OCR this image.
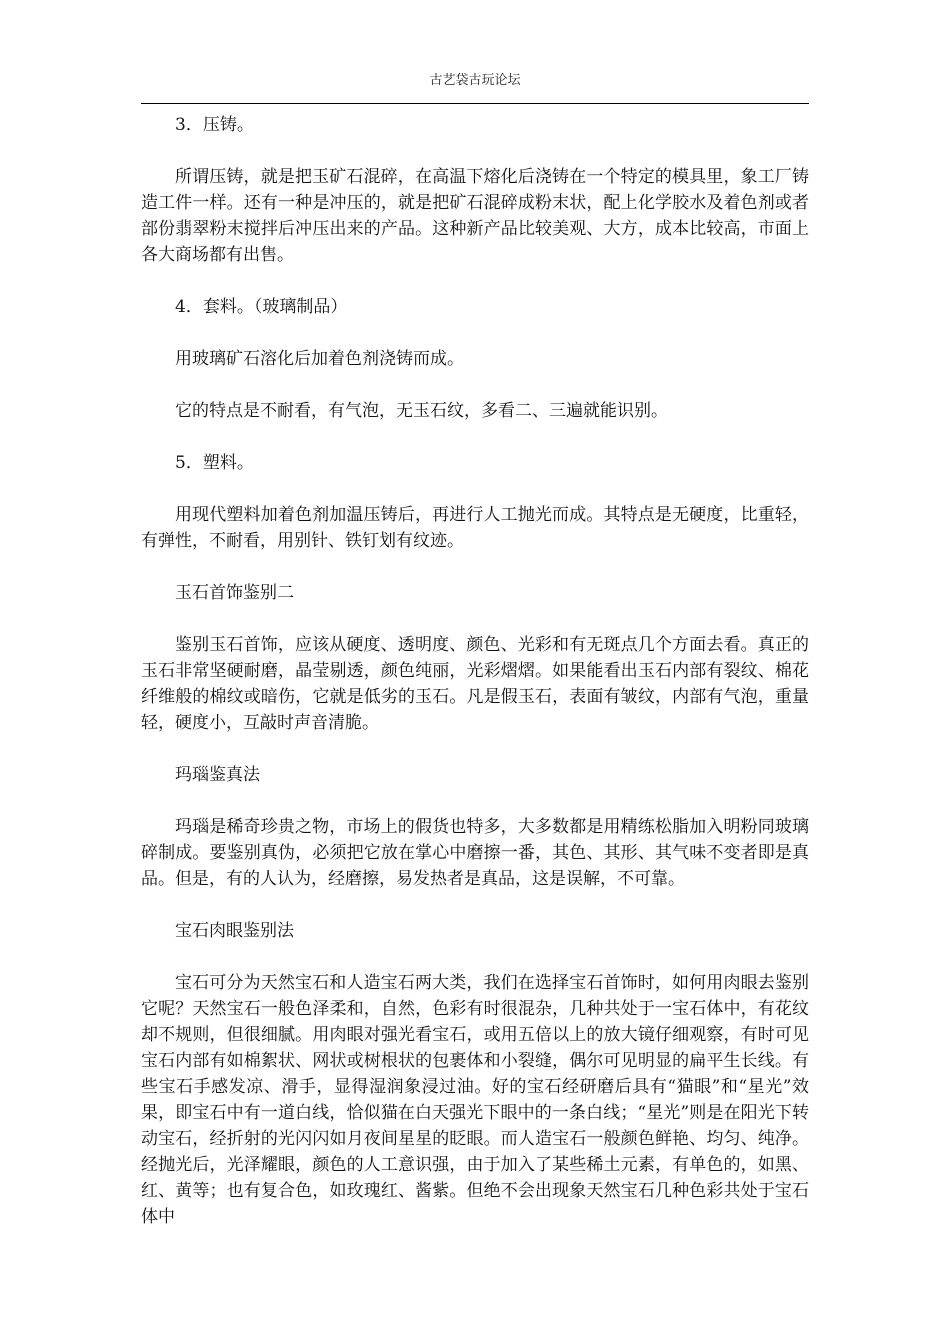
古艺袋古玩论坛

3．压铸。

所谓压铸，就是把玉矿石混碎，在高温下熔化后浇铸在一个特定的模具里，象工厂铸造工件一样。还有一种是冲压的，就是把矿石混碎成粉末状，配上化学胶水及着色剂或者部份翡翠粉末搅拌后冲压出来的产品。这种新产品比较美观、大方，成本比较高，市面上各大商场都有出售。

4．套料。（玻璃制品）

用玻璃矿石溶化后加着色剂浇铸而成。

它的特点是不耐看，有气泡，无玉石纹，多看二、三遍就能识别。

5．塑料。

用现代塑料加着色剂加温压铸后，再进行人工抛光而成。其特点是无硬度，比重轻，有弹性，不耐看，用别针、铁钉划有纹迹。

玉石首饰鉴别二

鉴别玉石首饰，应该从硬度、透明度、颜色、光彩和有无斑点几个方面去看。真正的玉石非常坚硬耐磨，晶莹剔透，颜色纯丽，光彩熠熠。如果能看出玉石内部有裂纹、棉花纤维般的棉纹或暗伤，它就是低劣的玉石。凡是假玉石，表面有皱纹，内部有气泡，重量轻，硬度小，互敲时声音清脆。

玛瑙鉴真法

玛瑙是稀奇珍贵之物，市场上的假货也特多，大多数都是用精练松脂加入明粉同玻璃碎制成。要鉴别真伪，必须把它放在掌心中磨擦一番，其色、其形、其气味不变者即是真品。但是，有的人认为，经磨擦，易发热者是真品，这是误解，不可靠。

宝石肉眼鉴别法

宝石可分为天然宝石和人造宝石两大类，我们在选择宝石首饰时，如何用肉眼去鉴别它呢？天然宝石一般色泽柔和，自然，色彩有时很混杂，几种共处于一宝石体中，有花纹却不规则，但很细腻。用肉眼对强光看宝石，或用五倍以上的放大镜仔细观察，有时可见宝石内部有如棉絮状、网状或树根状的包裹体和小裂缝，偶尔可见明显的扁平生长线。有些宝石手感发凉、滑手，显得湿润象浸过油。好的宝石经研磨后具有“猫眼”和“星光”效果，即宝石中有一道白线，恰似猫在白天强光下眼中的一条白线；“星光”则是在阳光下转动宝石，经折射的光闪闪如月夜间星星的眨眼。而人造宝石一般颜色鲜艳、均匀、纯净。经抛光后，光泽耀眼，颜色的人工意识强，由于加入了某些稀土元素，有单色的，如黑、红、黄等；也有复合色，如玫瑰红、酱紫。但绝不会出现象天然宝石几种色彩共处于宝石体中
